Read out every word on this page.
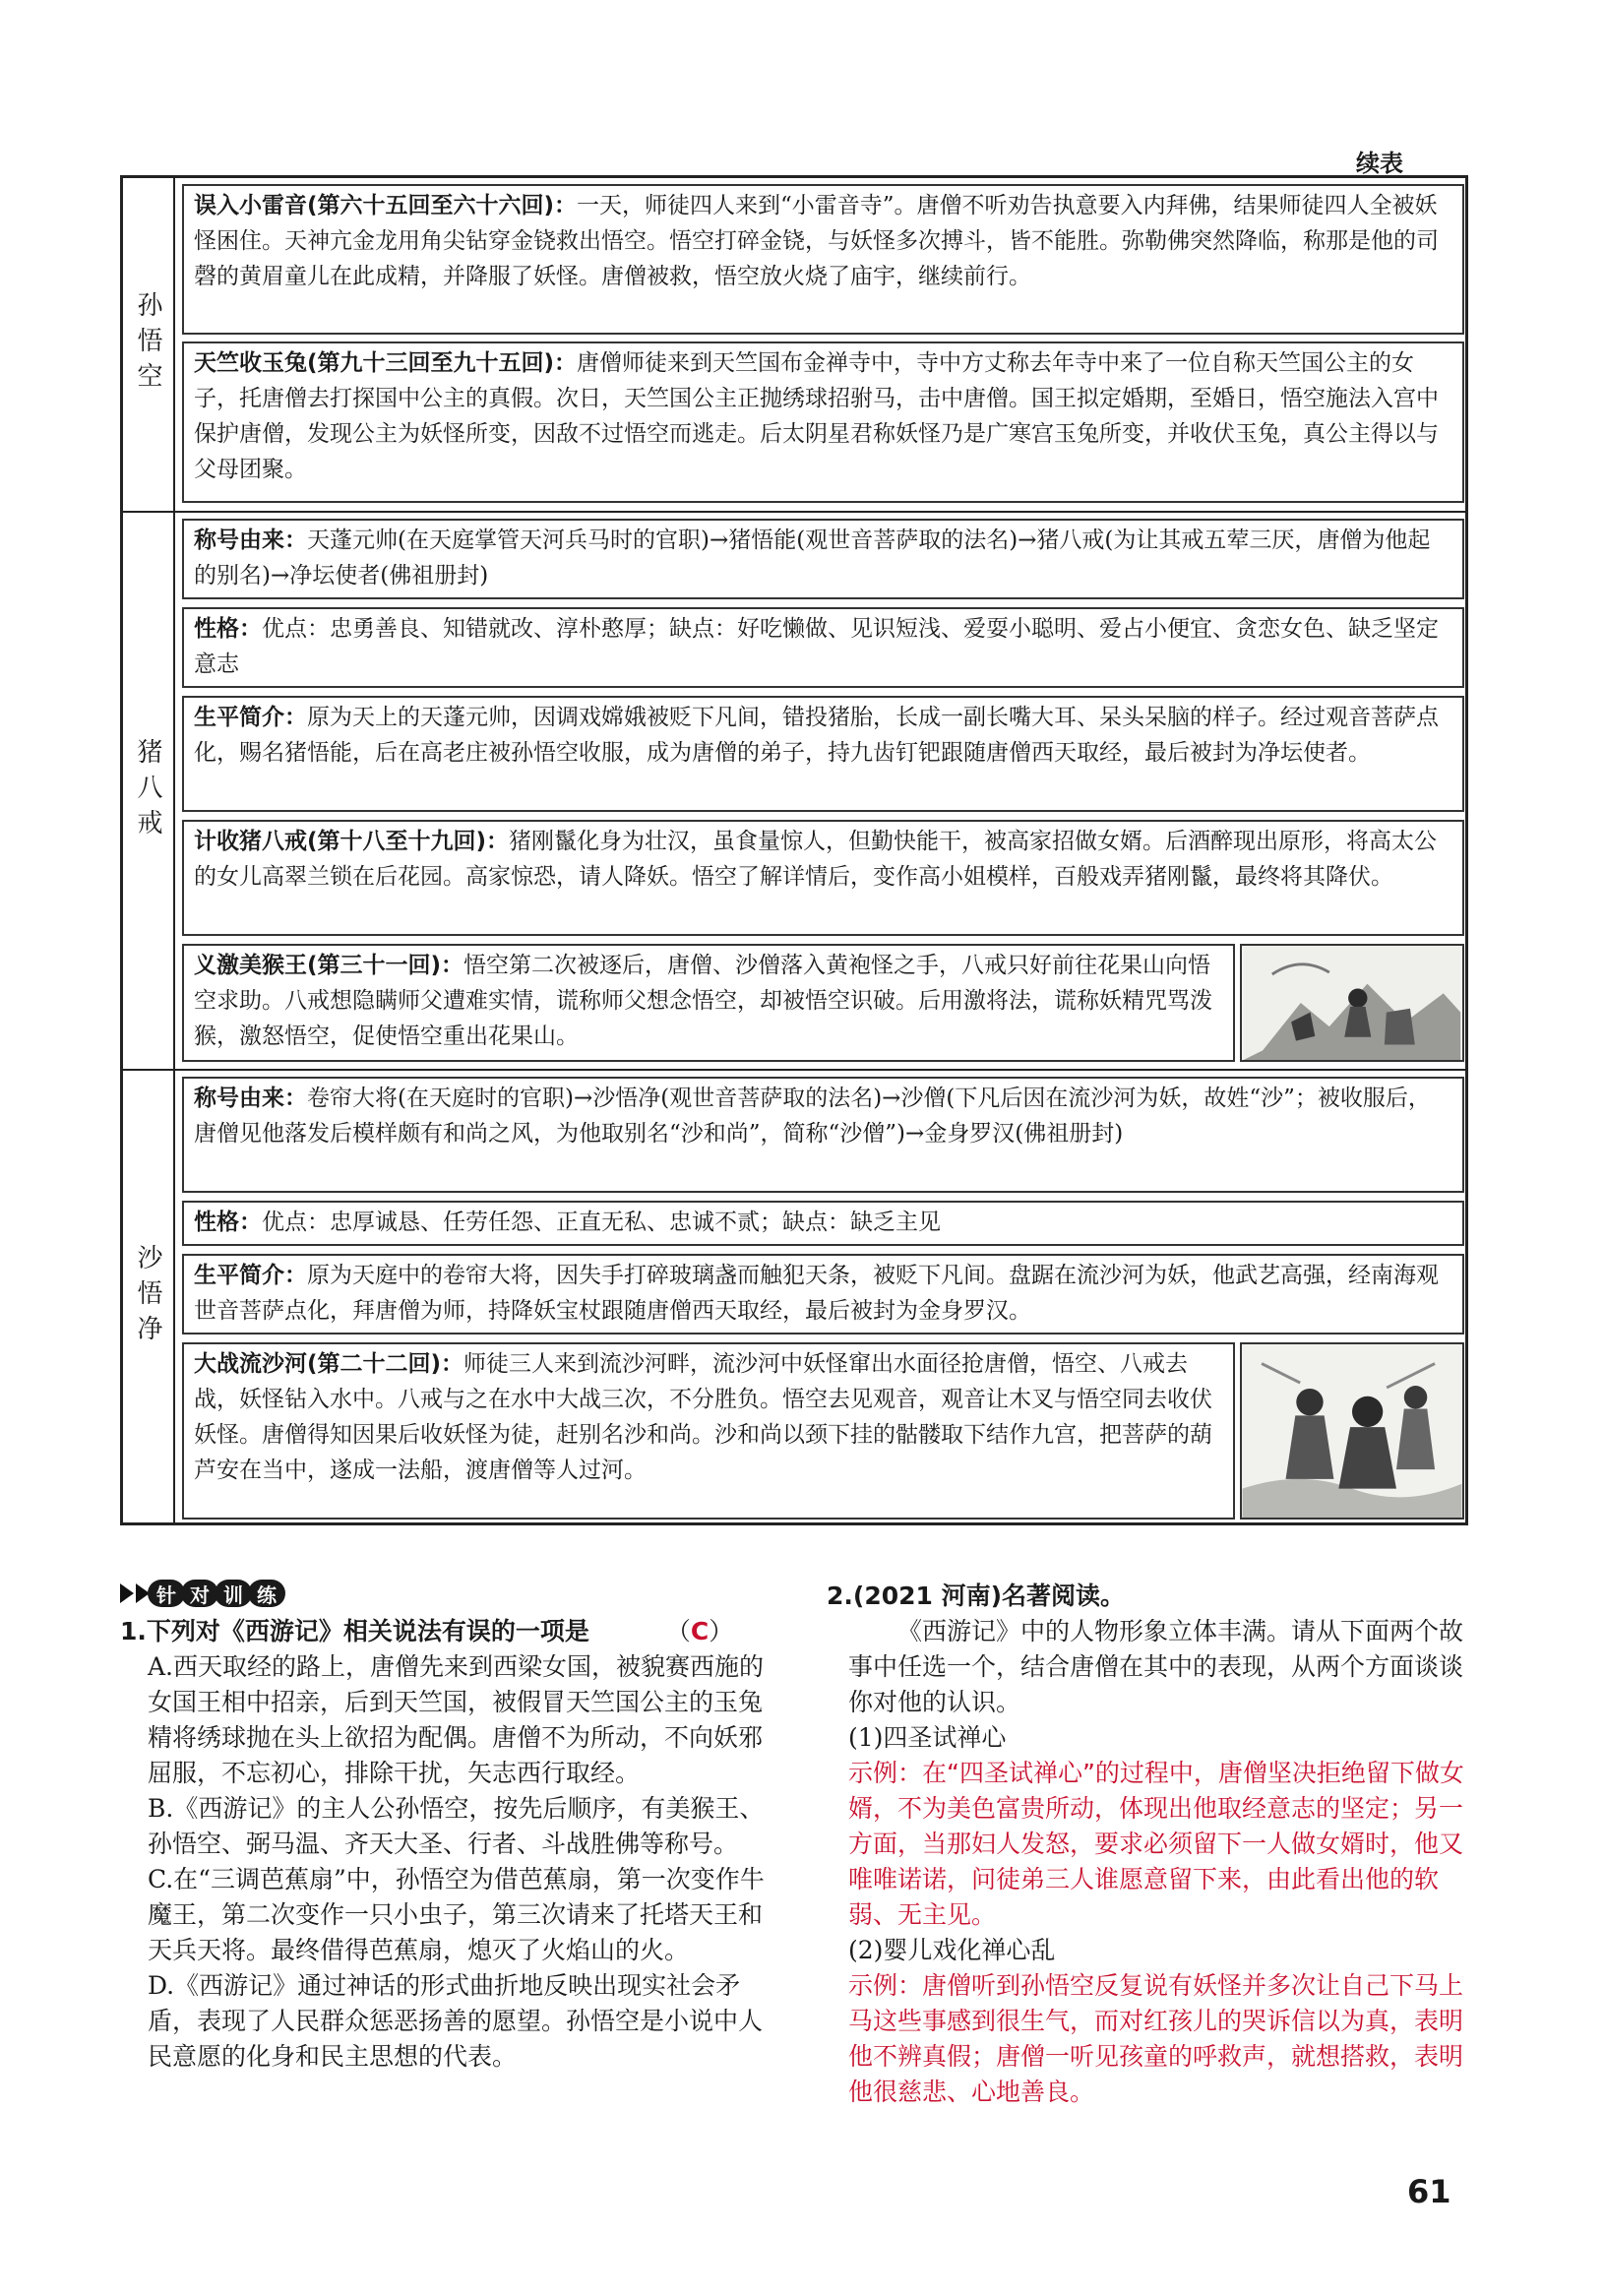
续表
孙悟空
误入小雷音(第六十五回至六十六回)：一天，师徒四人来到“小雷音寺”。唐僧不听劝告执意要入内拜佛，结果师徒四人全被妖怪困住。天神亢金龙用角尖钻穿金铙救出悟空。悟空打碎金铙，与妖怪多次搏斗，皆不能胜。弥勒佛突然降临，称那是他的司磬的黄眉童儿在此成精，并降服了妖怪。唐僧被救，悟空放火烧了庙宇，继续前行。
天竺收玉兔(第九十三回至九十五回)：唐僧师徒来到天竺国布金禅寺中，寺中方丈称去年寺中来了一位自称天竺国公主的女子，托唐僧去打探国中公主的真假。次日，天竺国公主正抛绣球招驸马，击中唐僧。国王拟定婚期，至婚日，悟空施法入宫中保护唐僧，发现公主为妖怪所变，因敌不过悟空而逃走。后太阴星君称妖怪乃是广寒宫玉兔所变，并收伏玉兔，真公主得以与父母团聚。
猪八戒
称号由来：天蓬元帅(在天庭掌管天河兵马时的官职)→猪悟能(观世音菩萨取的法名)→猪八戒(为让其戒五荤三厌，唐僧为他起的别名)→净坛使者(佛祖册封)
性格：优点：忠勇善良、知错就改、淳朴憨厚；缺点：好吃懒做、见识短浅、爱耍小聪明、爱占小便宜、贪恋女色、缺乏坚定意志
生平简介：原为天上的天蓬元帅，因调戏嫦娥被贬下凡间，错投猪胎，长成一副长嘴大耳、呆头呆脑的样子。经过观音菩萨点化，赐名猪悟能，后在高老庄被孙悟空收服，成为唐僧的弟子，持九齿钉钯跟随唐僧西天取经，最后被封为净坛使者。
计收猪八戒(第十八至十九回)：猪刚鬣化身为壮汉，虽食量惊人，但勤快能干，被高家招做女婿。后酒醉现出原形，将高太公的女儿高翠兰锁在后花园。高家惊恐，请人降妖。悟空了解详情后，变作高小姐模样，百般戏弄猪刚鬣，最终将其降伏。
义激美猴王(第三十一回)：悟空第二次被逐后，唐僧、沙僧落入黄袍怪之手，八戒只好前往花果山向悟空求助。八戒想隐瞒师父遭难实情，谎称师父想念悟空，却被悟空识破。后用激将法，谎称妖精咒骂泼猴，激怒悟空，促使悟空重出花果山。
沙悟净
称号由来：卷帘大将(在天庭时的官职)→沙悟净(观世音菩萨取的法名)→沙僧(下凡后因在流沙河为妖，故姓“沙”；被收服后，唐僧见他落发后模样颇有和尚之风，为他取别名“沙和尚”，简称“沙僧”)→金身罗汉(佛祖册封)
性格：优点：忠厚诚恳、任劳任怨、正直无私、忠诚不贰；缺点：缺乏主见
生平简介：原为天庭中的卷帘大将，因失手打碎玻璃盏而触犯天条，被贬下凡间。盘踞在流沙河为妖，他武艺高强，经南海观世音菩萨点化，拜唐僧为师，持降妖宝杖跟随唐僧西天取经，最后被封为金身罗汉。
大战流沙河(第二十二回)：师徒三人来到流沙河畔，流沙河中妖怪窜出水面径抢唐僧，悟空、八戒去战，妖怪钻入水中。八戒与之在水中大战三次，不分胜负。悟空去见观音，观音让木叉与悟空同去收伏妖怪。唐僧得知因果后收妖怪为徒，赶别名沙和尚。沙和尚以颈下挂的骷髅取下结作九宫，把菩萨的葫芦安在当中，遂成一法船，渡唐僧等人过河。
针 对 训 练

1.下列对《西游记》相关说法有误的一项是	（C）

A.西天取经的路上，唐僧先来到西梁女国，被貌赛西施的女国王相中招亲，后到天竺国，被假冒天竺国公主的玉兔精将绣球抛在头上欲招为配偶。唐僧不为所动，不向妖邪屈服，不忘初心，排除干扰，矢志西行取经。

B.《西游记》的主人公孙悟空，按先后顺序，有美猴王、孙悟空、弼马温、齐天大圣、行者、斗战胜佛等称号。

C.在“三调芭蕉扇”中，孙悟空为借芭蕉扇，第一次变作牛魔王，第二次变作一只小虫子，第三次请来了托塔天王和天兵天将。最终借得芭蕉扇，熄灭了火焰山的火。

D.《西游记》通过神话的形式曲折地反映出现实社会矛盾，表现了人民群众惩恶扬善的愿望。孙悟空是小说中人民意愿的化身和民主思想的代表。

2.(2021 河南)名著阅读。
《西游记》中的人物形象立体丰满。请从下面两个故事中任选一个，结合唐僧在其中的表现，从两个方面谈谈你对他的认识。
(1)四圣试禅心
示例：在“四圣试禅心”的过程中，唐僧坚决拒绝留下做女婿，不为美色富贵所动，体现出他取经意志的坚定；另一方面，当那妇人发怒，要求必须留下一人做女婿时，他又唯唯诺诺，问徒弟三人谁愿意留下来，由此看出他的软弱、无主见。
(2)婴儿戏化禅心乱
示例：唐僧听到孙悟空反复说有妖怪并多次让自己下马上马这些事感到很生气，而对红孩儿的哭诉信以为真，表明他不辨真假；唐僧一听见孩童的呼救声，就想搭救，表明他很慈悲、心地善良。
61
